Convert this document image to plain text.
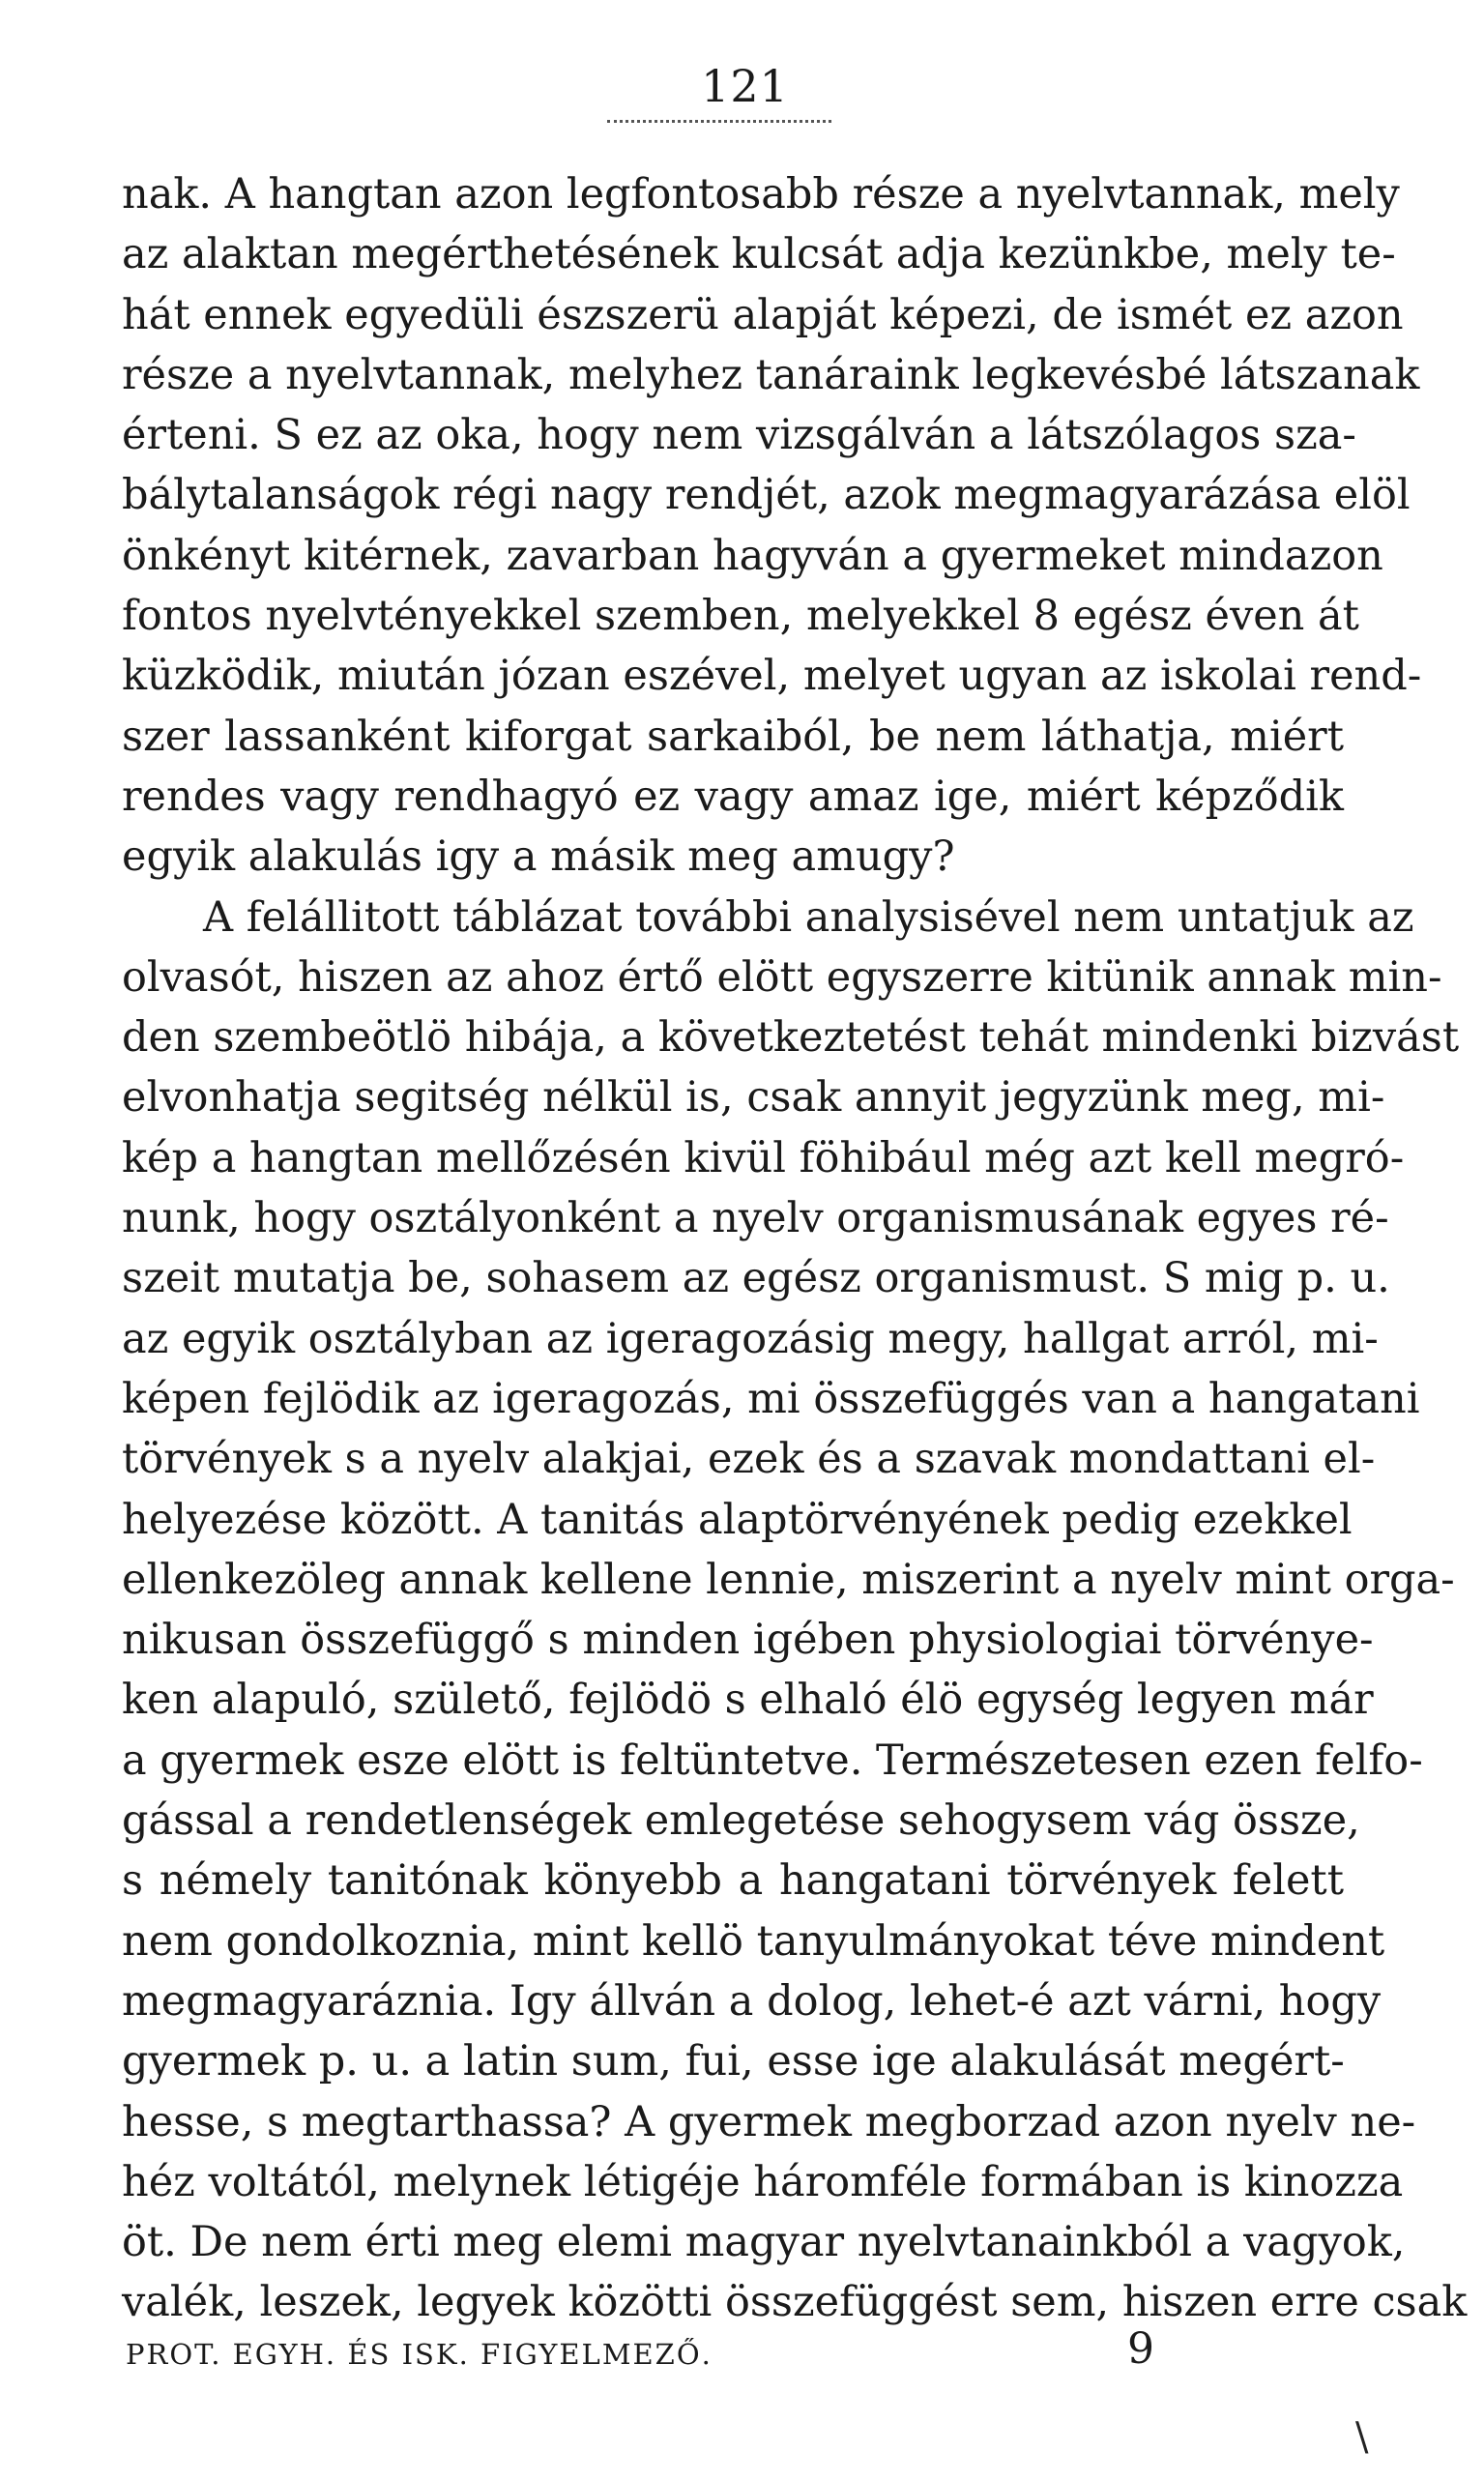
121
nak. A hangtan azon legfontosabb része a nyelvtannak, mely
az alaktan megérthetésének kulcsát adja kezünkbe, mely te-
hát ennek egyedüli észszerü alapját képezi, de ismét ez azon
része a nyelvtannak, melyhez tanáraink legkevésbé látszanak
érteni. S ez az oka, hogy nem vizsgálván a látszólagos sza-
bálytalanságok régi nagy rendjét, azok megmagyarázása elöl
önkényt kitérnek, zavarban hagyván a gyermeket mindazon
fontos nyelvtényekkel szemben, melyekkel 8 egész éven át
küzködik, miután józan eszével, melyet ugyan az iskolai rend-
szer lassanként kiforgat sarkaiból, be nem láthatja, miért
rendes vagy rendhagyó ez vagy amaz ige, miért képződik
egyik alakulás igy a másik meg amugy?
A felállitott táblázat további analysisével nem untatjuk az
olvasót, hiszen az ahoz értő elött egyszerre kitünik annak min-
den szembeötlö hibája, a következtetést tehát mindenki bizvást
elvonhatja segitség nélkül is, csak annyit jegyzünk meg, mi-
kép a hangtan mellőzésén kivül föhibául még azt kell megró-
nunk, hogy osztályonként a nyelv organismusának egyes ré-
szeit mutatja be, sohasem az egész organismust. S mig p. u.
az egyik osztályban az igeragozásig megy, hallgat arról, mi-
képen fejlödik az igeragozás, mi összefüggés van a hangatani
törvények s a nyelv alakjai, ezek és a szavak mondattani el-
helyezése között. A tanitás alaptörvényének pedig ezekkel
ellenkezöleg annak kellene lennie, miszerint a nyelv mint orga-
nikusan összefüggő s minden igében physiologiai törvénye-
ken alapuló, születő, fejlödö s elhaló élö egység legyen már
a gyermek esze elött is feltüntetve. Természetesen ezen felfo-
gással a rendetlenségek emlegetése sehogysem vág össze,
s némely tanitónak könyebb a hangatani törvények felett
nem gondolkoznia, mint kellö tanyulmányokat téve mindent
megmagyaráznia. Igy állván a dolog, lehet-é azt várni, hogy
gyermek p. u. a latin sum, fui, esse ige alakulását megért-
hesse, s megtarthassa? A gyermek megborzad azon nyelv ne-
héz voltától, melynek létigéje háromféle formában is kinozza
öt. De nem érti meg elemi magyar nyelvtanainkból a vagyok,
valék, leszek, legyek közötti összefüggést sem, hiszen erre csak
PROT. EGYH. ÉS ISK. FIGYELMEZŐ.	9
\
